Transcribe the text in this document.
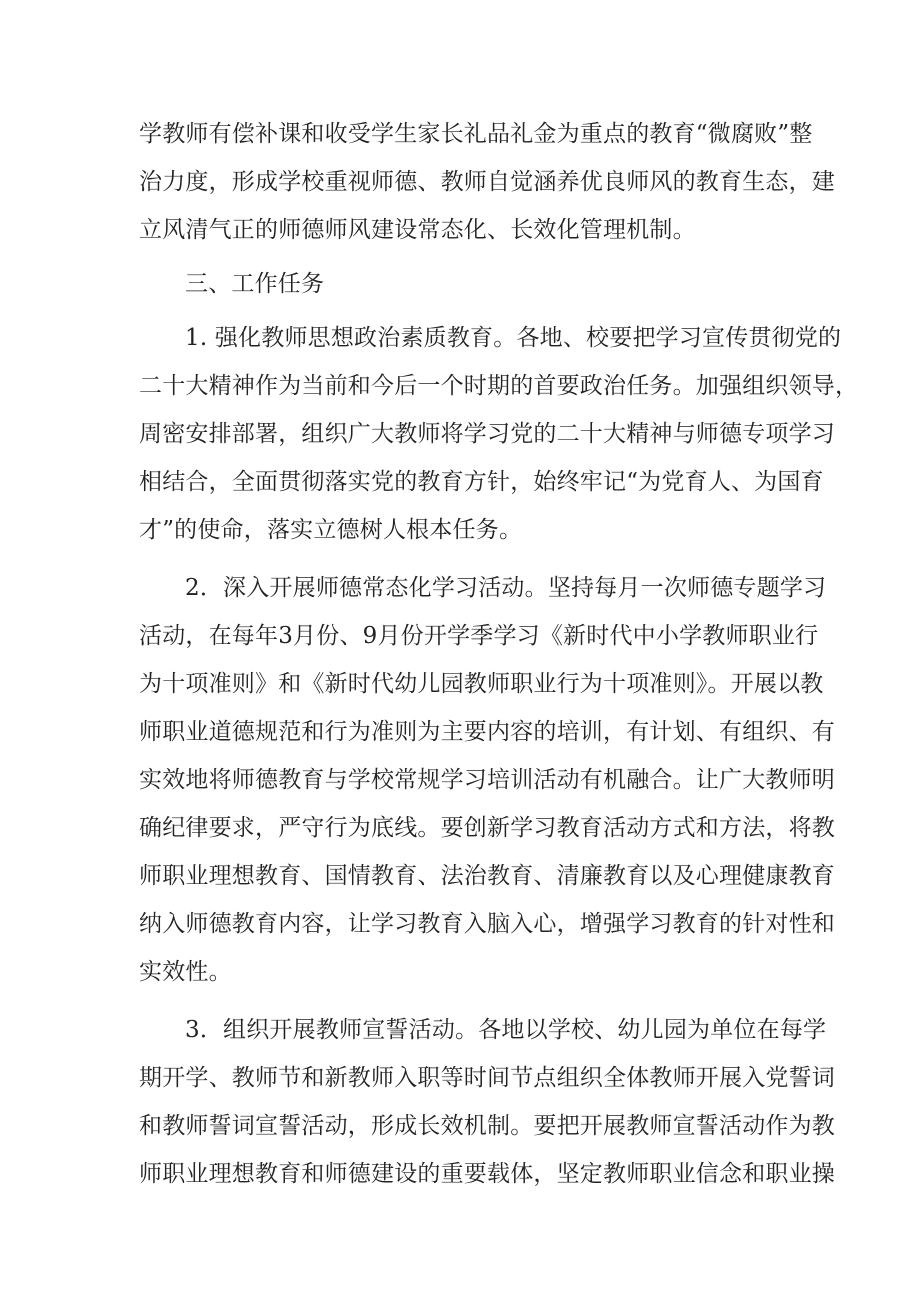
学教师有偿补课和收受学生家长礼品礼金为重点的教育“微腐败”整
治力度，形成学校重视师德、教师自觉涵养优良师风的教育生态，建
立风清气正的师德师风建设常态化、长效化管理机制。
三、工作任务
1. 强化教师思想政治素质教育。各地、校要把学习宣传贯彻党的
二十大精神作为当前和今后一个时期的首要政治任务。加强组织领导，
周密安排部署，组织广大教师将学习党的二十大精神与师德专项学习
相结合，全面贯彻落实党的教育方针，始终牢记“为党育人、为国育
才”的使命，落实立德树人根本任务。
2．深入开展师德常态化学习活动。坚持每月一次师德专题学习
活动，在每年3月份、9月份开学季学习《新时代中小学教师职业行
为十项准则》和《新时代幼儿园教师职业行为十项准则》。开展以教
师职业道德规范和行为准则为主要内容的培训，有计划、有组织、有
实效地将师德教育与学校常规学习培训活动有机融合。让广大教师明
确纪律要求，严守行为底线。要创新学习教育活动方式和方法，将教
师职业理想教育、国情教育、法治教育、清廉教育以及心理健康教育
纳入师德教育内容，让学习教育入脑入心，增强学习教育的针对性和
实效性。
3．组织开展教师宣誓活动。各地以学校、幼儿园为单位在每学
期开学、教师节和新教师入职等时间节点组织全体教师开展入党誓词
和教师誓词宣誓活动，形成长效机制。要把开展教师宣誓活动作为教
师职业理想教育和师德建设的重要载体，坚定教师职业信念和职业操
